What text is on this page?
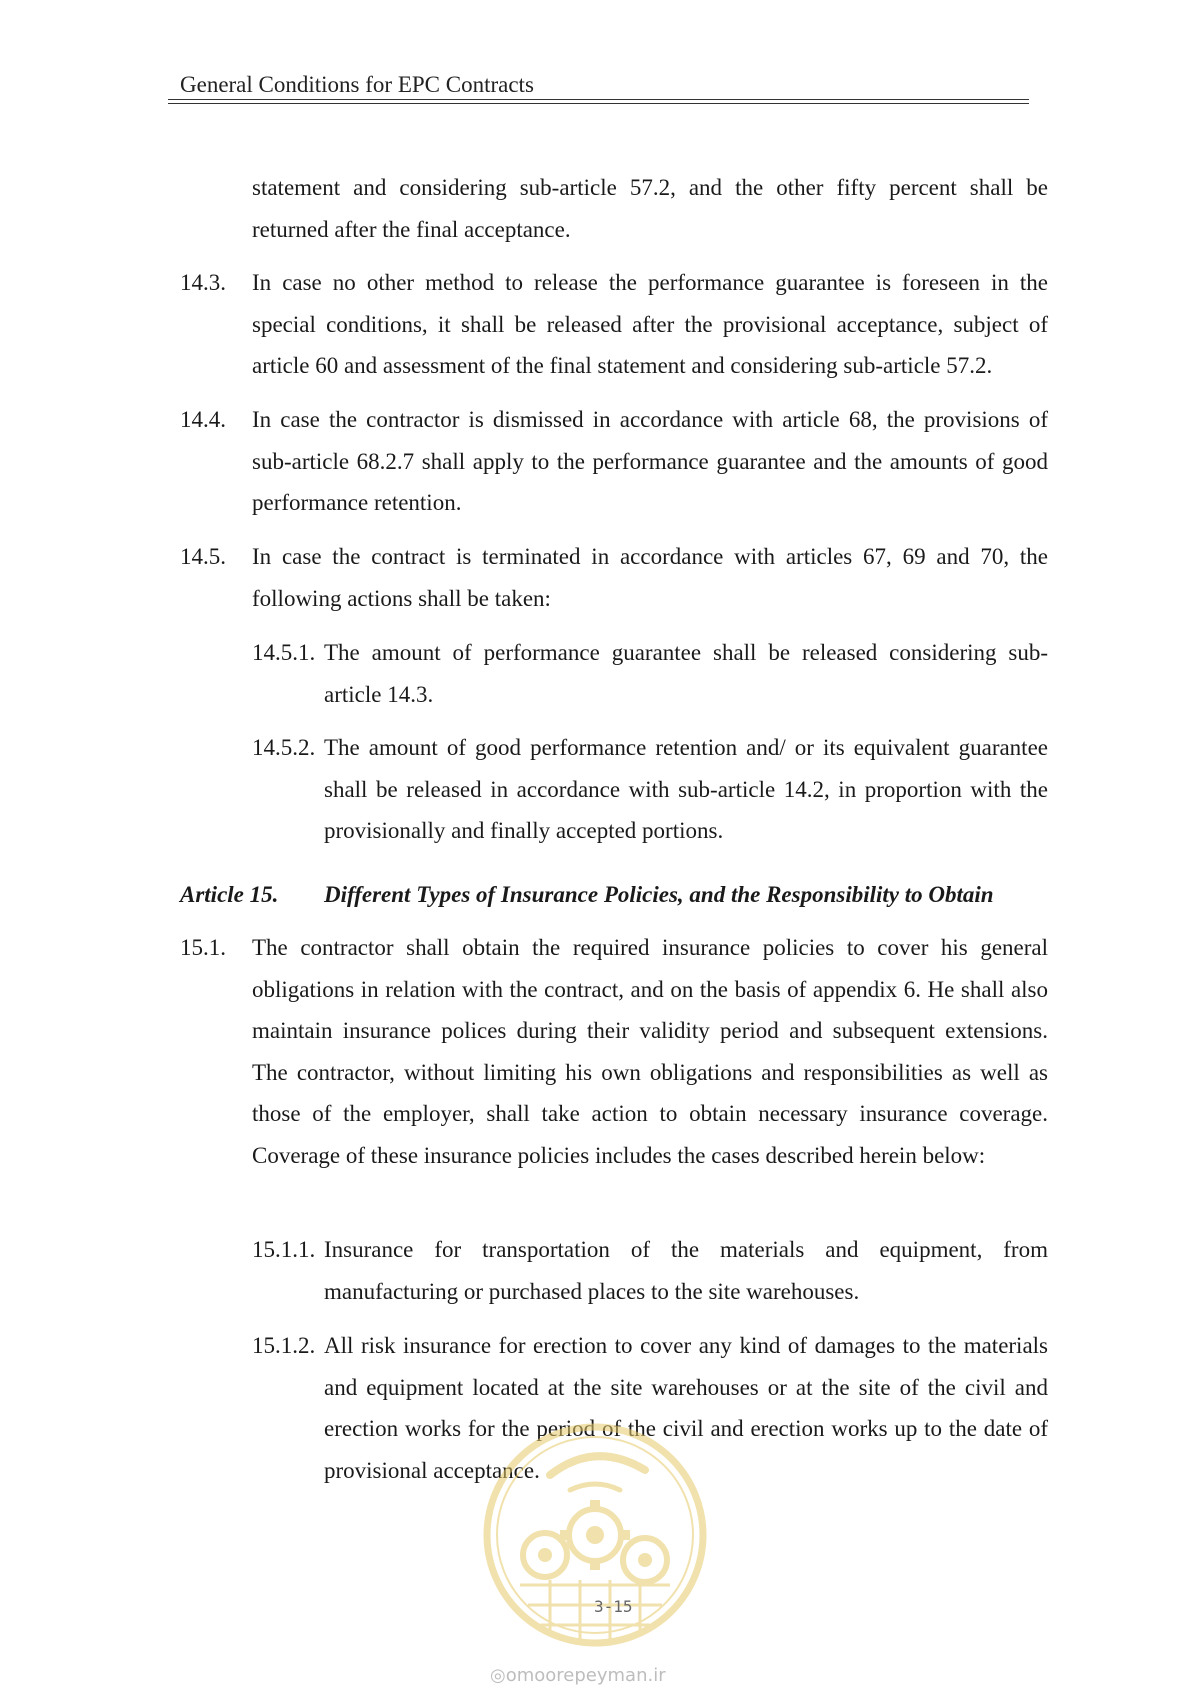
General Conditions for EPC Contracts
statement and considering sub-article 57.2, and the other fifty percent shall be returned after the final acceptance.
14.3. In case no other method to release the performance guarantee is foreseen in the special conditions, it shall be released after the provisional acceptance, subject of article 60 and assessment of the final statement and considering sub-article 57.2.
14.4. In case the contractor is dismissed in accordance with article 68, the provisions of sub-article 68.2.7 shall apply to the performance guarantee and the amounts of good performance retention.
14.5. In case the contract is terminated in accordance with articles 67, 69 and 70, the following actions shall be taken:
14.5.1. The amount of performance guarantee shall be released considering sub-article 14.3.
14.5.2. The amount of good performance retention and/ or its equivalent guarantee shall be released in accordance with sub-article 14.2, in proportion with the provisionally and finally accepted portions.
Article 15. Different Types of Insurance Policies, and the Responsibility to Obtain
15.1. The contractor shall obtain the required insurance policies to cover his general obligations in relation with the contract, and on the basis of appendix 6. He shall also maintain insurance polices during their validity period and subsequent extensions. The contractor, without limiting his own obligations and responsibilities as well as those of the employer, shall take action to obtain necessary insurance coverage. Coverage of these insurance policies includes the cases described herein below:
15.1.1. Insurance for transportation of the materials and equipment, from manufacturing or purchased places to the site warehouses.
15.1.2. All risk insurance for erection to cover any kind of damages to the materials and equipment located at the site warehouses or at the site of the civil and erection works for the period of the civil and erection works up to the date of provisional acceptance.
3-15
◎omoorepeyman.ir
